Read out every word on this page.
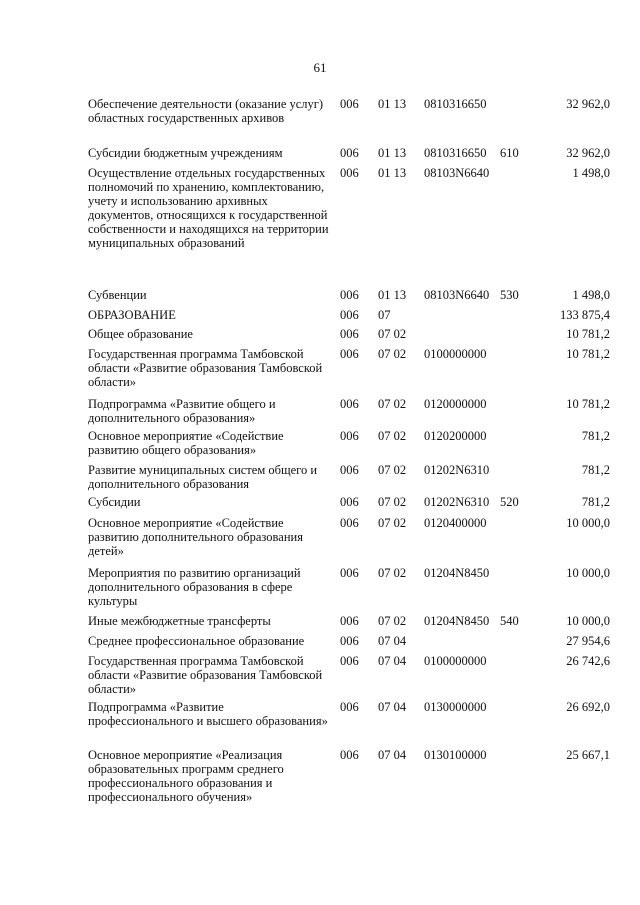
61
Обеспечение деятельности (оказание услуг) областных государственных архивов
006 01 13 0810316650	32 962,0
Субсидии бюджетным учреждениям	006 01 13 0810316650 610	32 962,0
Осуществление отдельных государственных полномочий по хранению, комплектованию, учету и использованию архивных документов, относящихся к государственной собственности и находящихся на территории муниципальных образований
006 01 13 08103N6640	1 498,0
Субвенции	006 01 13 08103N6640 530	1 498,0
ОБРАЗОВАНИЕ	006 07	133 875,4
Общее образование	006 07 02	10 781,2
Государственная программа Тамбовской области «Развитие образования Тамбовской области»
006 07 02 0100000000	10 781,2
Подпрограмма «Развитие общего и дополнительного образования»
006 07 02 0120000000	10 781,2
Основное мероприятие «Содействие развитию общего образования»
006 07 02 0120200000	781,2
Развитие муниципальных систем общего и дополнительного образования
006 07 02 01202N6310	781,2
Субсидии	006 07 02 01202N6310 520	781,2
Основное мероприятие «Содействие развитию дополнительного образования детей»
006 07 02 0120400000	10 000,0
Мероприятия по развитию организаций дополнительного образования в сфере культуры
006 07 02 01204N8450	10 000,0
Иные межбюджетные трансферты	006 07 02 01204N8450 540	10 000,0
Среднее профессиональное образование	006 07 04	27 954,6
Государственная программа Тамбовской области «Развитие образования Тамбовской области»
006 07 04 0100000000	26 742,6
Подпрограмма «Развитие профессионального и высшего образования»
006 07 04 0130000000	26 692,0
Основное мероприятие «Реализация образовательных программ среднего профессионального образования и профессионального обучения»
006 07 04 0130100000	25 667,1
